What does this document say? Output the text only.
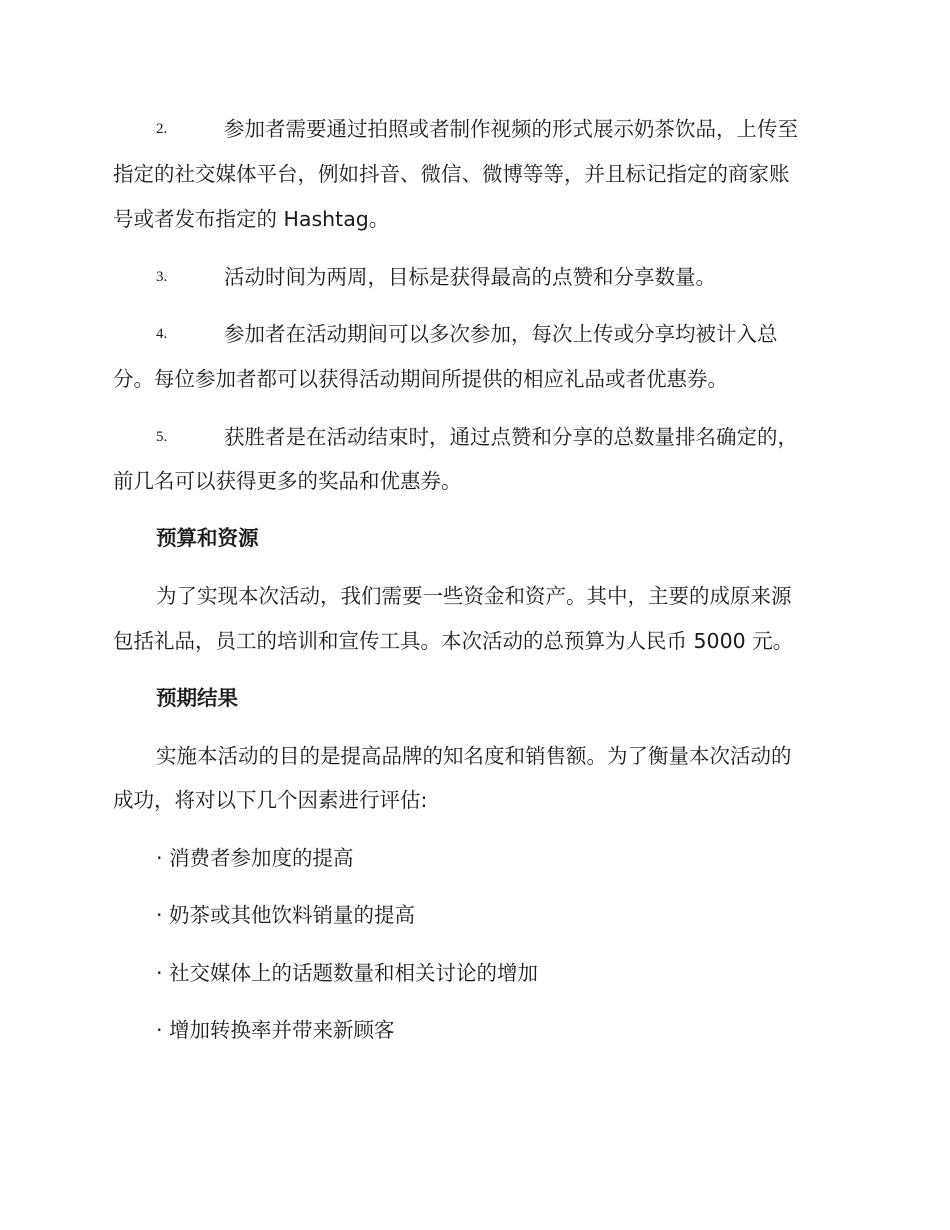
2.	参加者需要通过拍照或者制作视频的形式展示奶茶饮品，上传至
指定的社交媒体平台，例如抖音、微信、微博等等，并且标记指定的商家账
号或者发布指定的 Hashtag。
3.	活动时间为两周，目标是获得最高的点赞和分享数量。
4.	参加者在活动期间可以多次参加，每次上传或分享均被计入总
分。每位参加者都可以获得活动期间所提供的相应礼品或者优惠券。
5.	获胜者是在活动结束时，通过点赞和分享的总数量排名确定的，
前几名可以获得更多的奖品和优惠券。
预算和资源
为了实现本次活动，我们需要一些资金和资产。其中，主要的成原来源
包括礼品，员工的培训和宣传工具。本次活动的总预算为人民币 5000 元。
预期结果
实施本活动的目的是提高品牌的知名度和销售额。为了衡量本次活动的
成功，将对以下几个因素进行评估:
· 消费者参加度的提高
· 奶茶或其他饮料销量的提高
· 社交媒体上的话题数量和相关讨论的增加
· 增加转换率并带来新顾客
